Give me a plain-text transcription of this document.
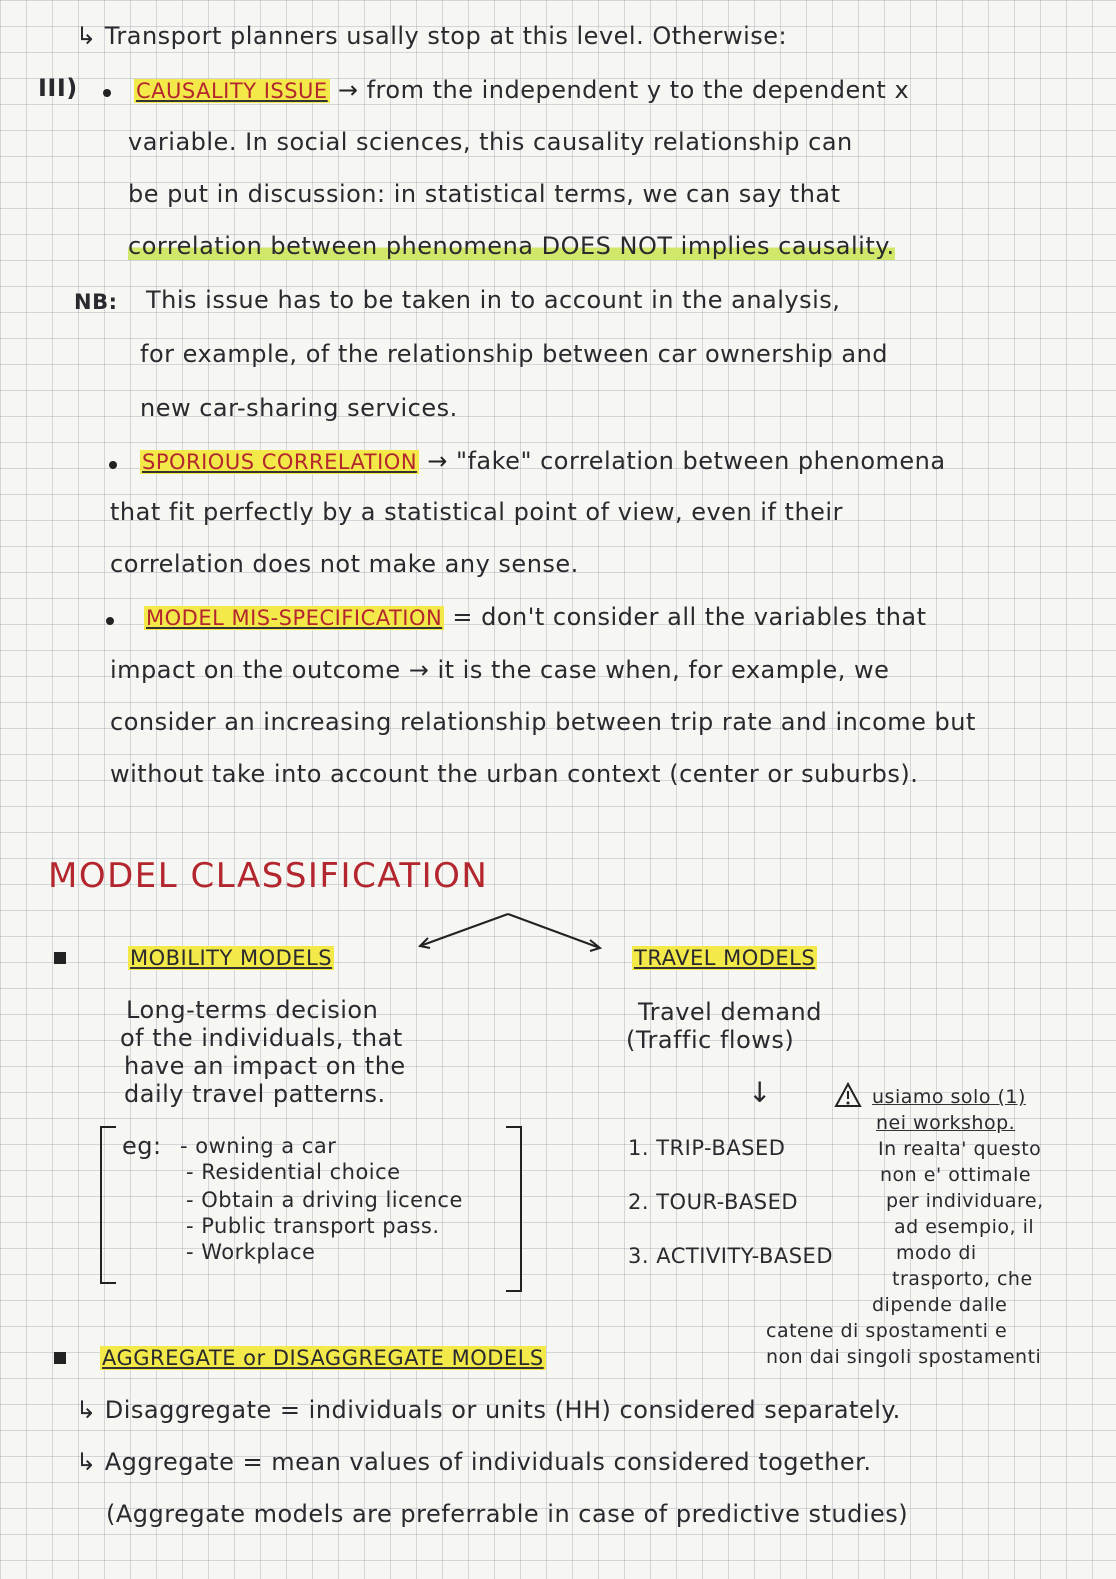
↳ Transport planners usally stop at this level. Otherwise:
III)	CAUSALITY ISSUE → from the independent y to the dependent x
variable. In social sciences, this causality relationship can
be put in discussion: in statistical terms, we can say that
correlation between phenomena DOES NOT implies causality.
NB: This issue has to be taken in to account in the analysis,
for example, of the relationship between car ownership and
new car-sharing services.
SPORIOUS CORRELATION → "fake" correlation between phenomena
that fit perfectly by a statistical point of view, even if their
correlation does not make any sense.
MODEL MIS-SPECIFICATION = don't consider all the variables that
impact on the outcome → it is the case when, for example, we
consider an increasing relationship between trip rate and income but
without take into account the urban context (center or suburbs).
MODEL CLASSIFICATION
MOBILITY MODELS
Long-terms decision
of the individuals, that
have an impact on the
daily travel patterns.
eg: - owning a car
- Residential choice
- Obtain a driving licence
- Public transport pass.
- Workplace
TRAVEL MODELS
Travel demand
(Traffic flows)
↓
1. TRIP-BASED
2. TOUR-BASED
3. ACTIVITY-BASED
usiamo solo (1)
nei workshop.
In realta' questo
non e' ottimale
per individuare,
ad esempio, il
modo di
trasporto, che
dipende dalle
catene di spostamenti e
non dai singoli spostamenti
AGGREGATE or DISAGGREGATE MODELS
↳ Disaggregate = individuals or units (HH) considered separately.
↳ Aggregate = mean values of individuals considered together.
(Aggregate models are preferrable in case of predictive studies)
